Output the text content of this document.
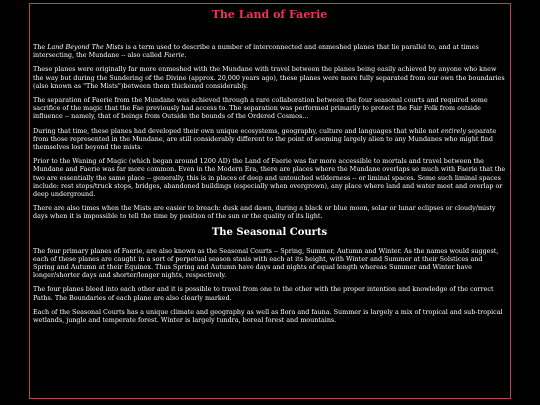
The Land of Faerie

The Land Beyond The Mists is a term used to describe a number of interconnected and enmeshed planes that lie parallel to, and at times intersecting, the Mundane -- also called Faerie.

These planes were originally far more enmeshed with the Mundane with travel between the planes being easily achieved by anyone who knew the way but during the Sundering of the Divine (approx. 20,000 years ago), these planes were more fully separated from our own the boundaries (also known as "The Mists")between them thickened considerably.

The separation of Faerie from the Mundane was achieved through a rare collaboration between the four seasonal courts and required some sacrifice of the magic that the Fae previously had access to. The separation was performed primarily to protect the Fair Folk from outside influence -- namely, that of beings from Outside the bounds of the Ordered Cosmos...

During that time, these planes had developed their own unique ecosystems, geography, culture and languages that while not entirely separate from those represented in the Mundane, are still considerably different to the point of seeming largely alien to any Mundanes who might find themselves lost beyond the mists.

Prior to the Waning of Magic (which began around 1200 AD) the Land of Faerie was far more accessible to mortals and travel between the Mundane and Faerie was far more common. Even in the Modern Era, there are places where the Mundane overlaps so much with Faerie that the two are essentially the same place -- generally, this is in places of deep and untouched wilderness -- or liminal spaces. Some such liminal spaces include: rest stops/truck stops, bridges, abandoned buildings (especially when overgrown), any place where land and water meet and overlap or deep underground.

There are also times when the Mists are easier to breach: dusk and dawn, during a black or blue moon, solar or lunar eclipses or cloudy/misty days when it is impossible to tell the time by position of the sun or the quality of its light.

The Seasonal Courts

The four primary planes of Faerie, are also known as the Seasonal Courts -- Spring, Summer, Autumn and Winter. As the names would suggest, each of these planes are caught in a sort of perpetual season stasis with each at its height, with Winter and Summer at their Solstices and Spring and Autumn at their Equinox. Thus Spring and Autumn have days and nights of equal length whereas Summer and Winter have longer/shorter days and shorter/longer nights, respectively.

The four planes bleed into each other and it is possible to travel from one to the other with the proper intention and knowledge of the correct Paths. The Boundaries of each plane are also clearly marked.

Each of the Seasonal Courts has a unique climate and geography as well as flora and fauna. Summer is largely a mix of tropical and sub-tropical wetlands, jungle and temperate forest. Winter is largely tundra, boreal forest and mountains.
